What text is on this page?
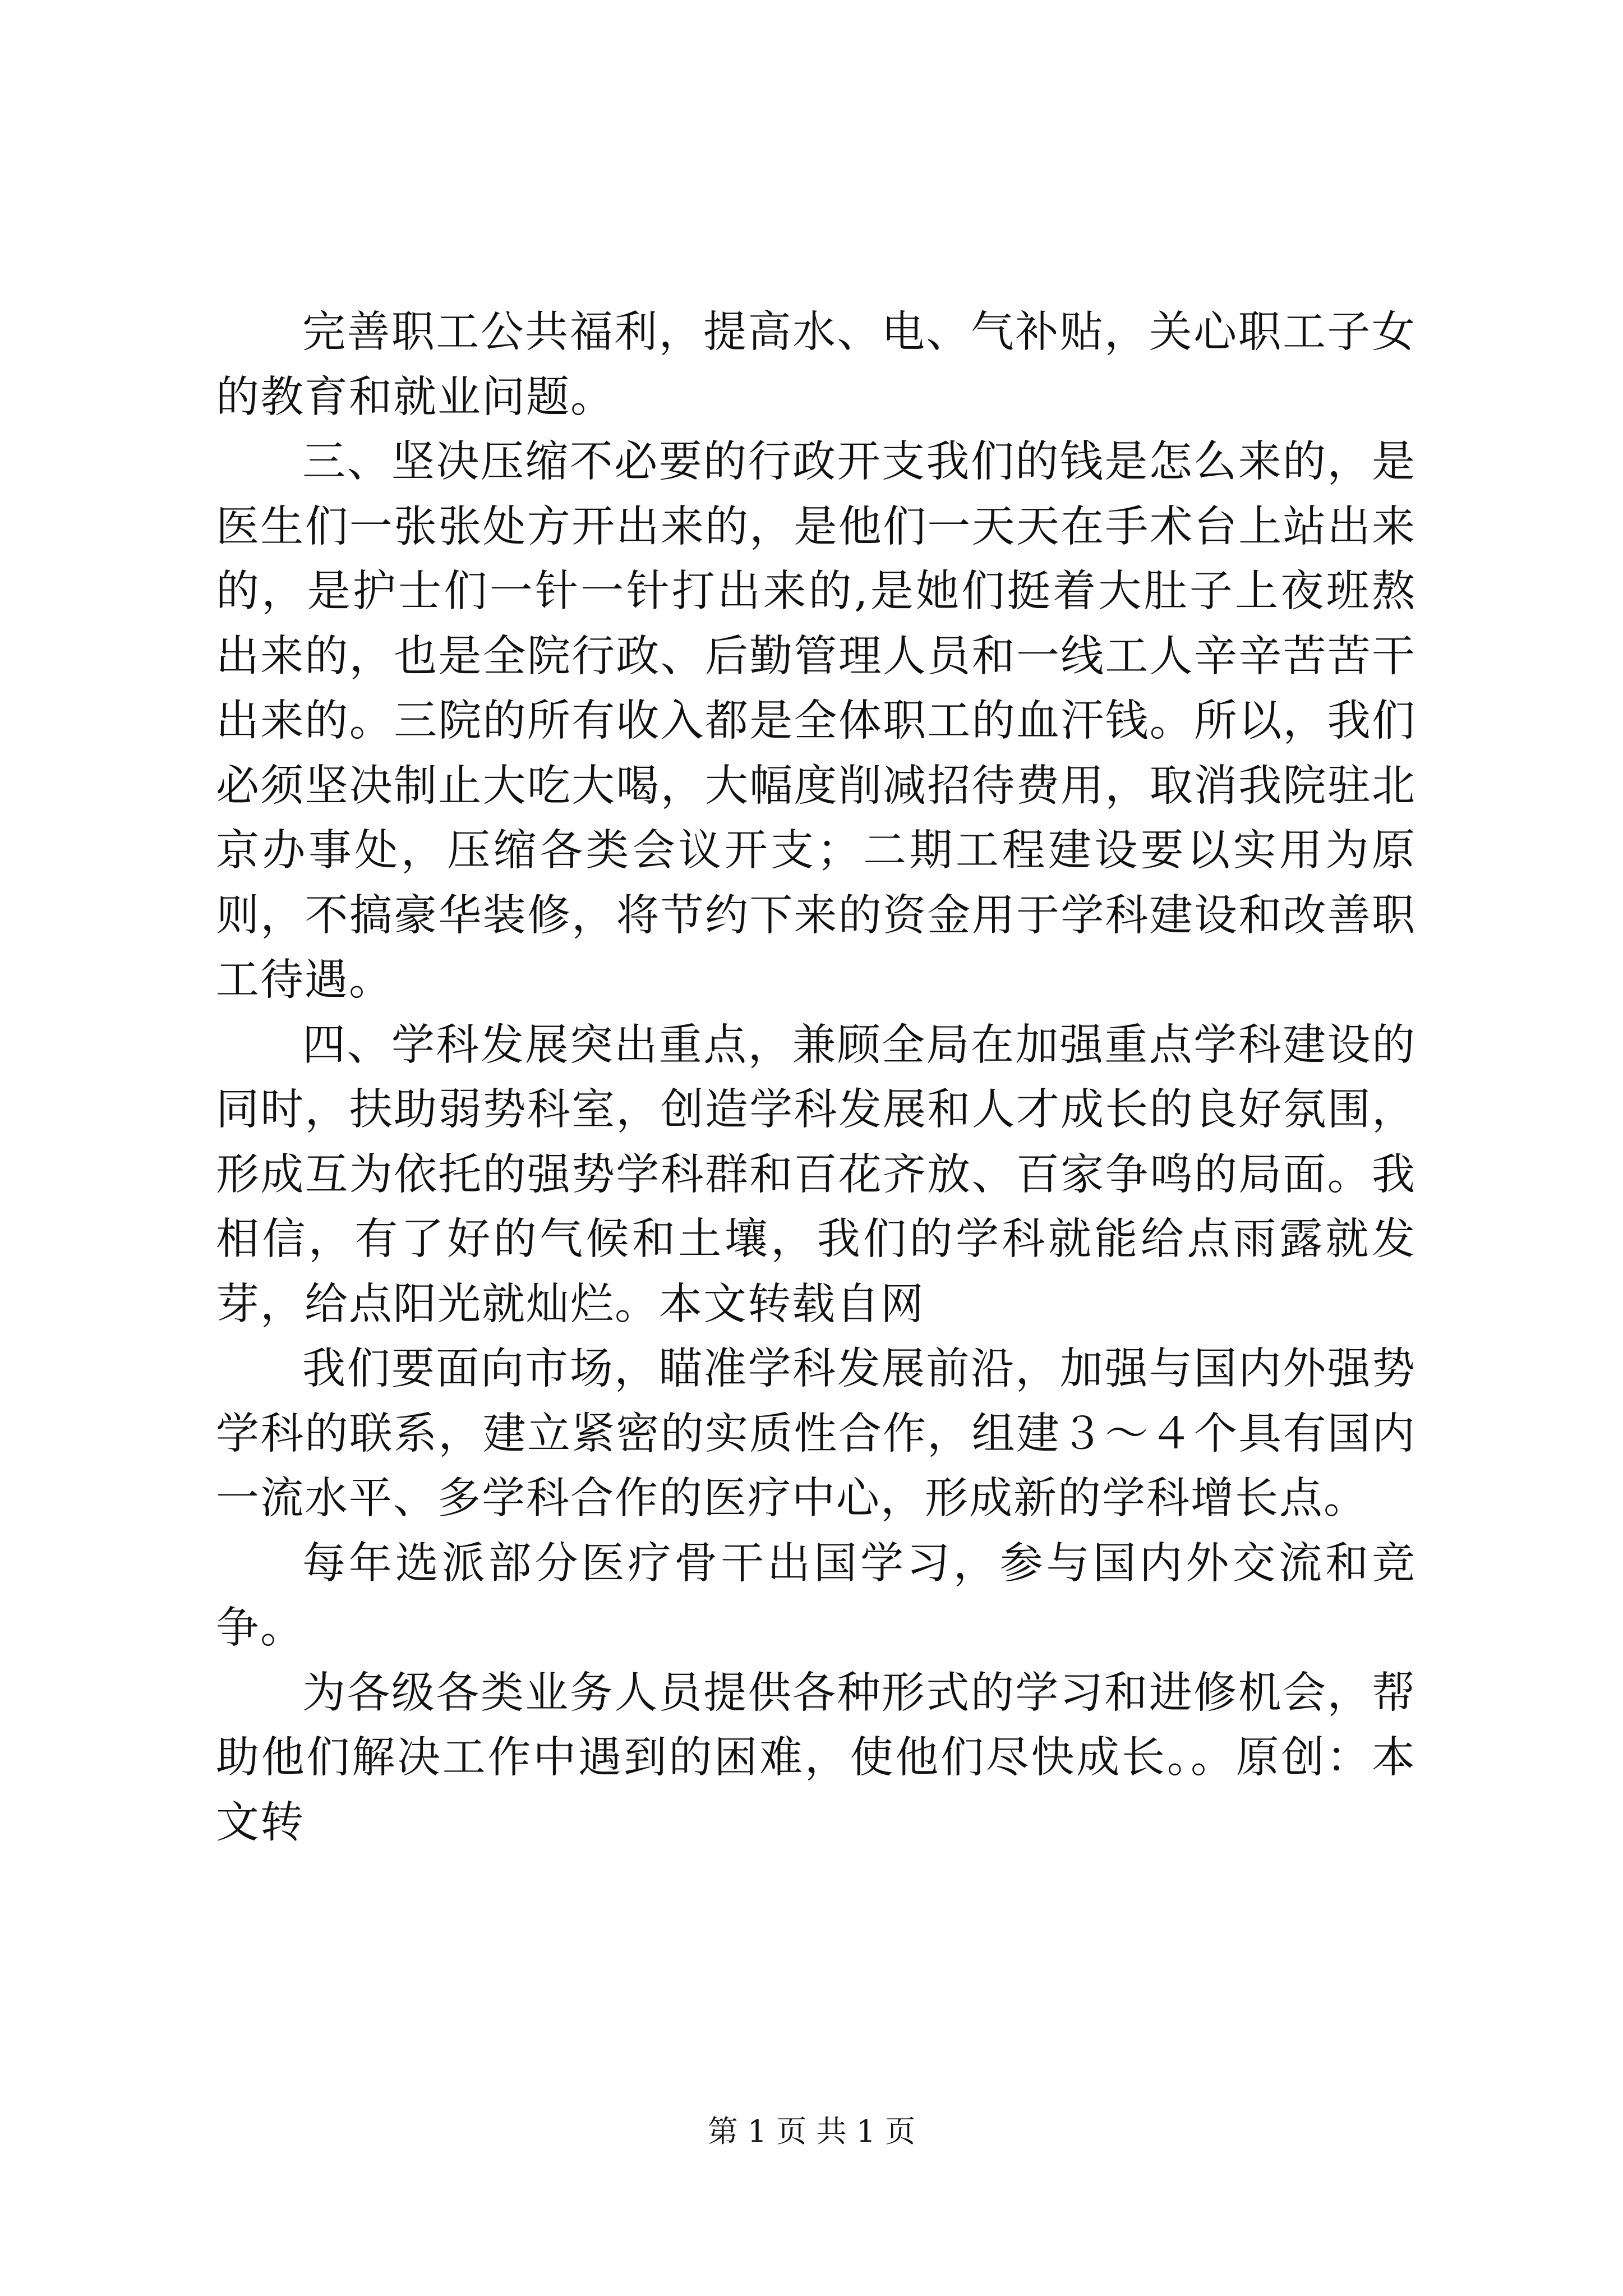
完善职工公共福利，提高水、电、气补贴，关心职工子女的教育和就业问题。

三、坚决压缩不必要的行政开支我们的钱是怎么来的，是医生们一张张处方开出来的，是他们一天天在手术台上站出来的，是护士们一针一针打出来的,是她们挺着大肚子上夜班熬出来的，也是全院行政、后勤管理人员和一线工人辛辛苦苦干出来的。三院的所有收入都是全体职工的血汗钱。所以，我们必须坚决制止大吃大喝，大幅度削减招待费用，取消我院驻北京办事处，压缩各类会议开支；二期工程建设要以实用为原则，不搞豪华装修，将节约下来的资金用于学科建设和改善职工待遇。

四、学科发展突出重点，兼顾全局在加强重点学科建设的同时，扶助弱势科室，创造学科发展和人才成长的良好氛围，形成互为依托的强势学科群和百花齐放、百家争鸣的局面。我相信，有了好的气候和土壤，我们的学科就能给点雨露就发芽，给点阳光就灿烂。本文转载自网

我们要面向市场，瞄准学科发展前沿，加强与国内外强势学科的联系，建立紧密的实质性合作，组建３～４个具有国内一流水平、多学科合作的医疗中心，形成新的学科增长点。

每年选派部分医疗骨干出国学习，参与国内外交流和竞争。

为各级各类业务人员提供各种形式的学习和进修机会，帮助他们解决工作中遇到的困难，使他们尽快成长。。原创：本文转

第 1 页 共 1 页
